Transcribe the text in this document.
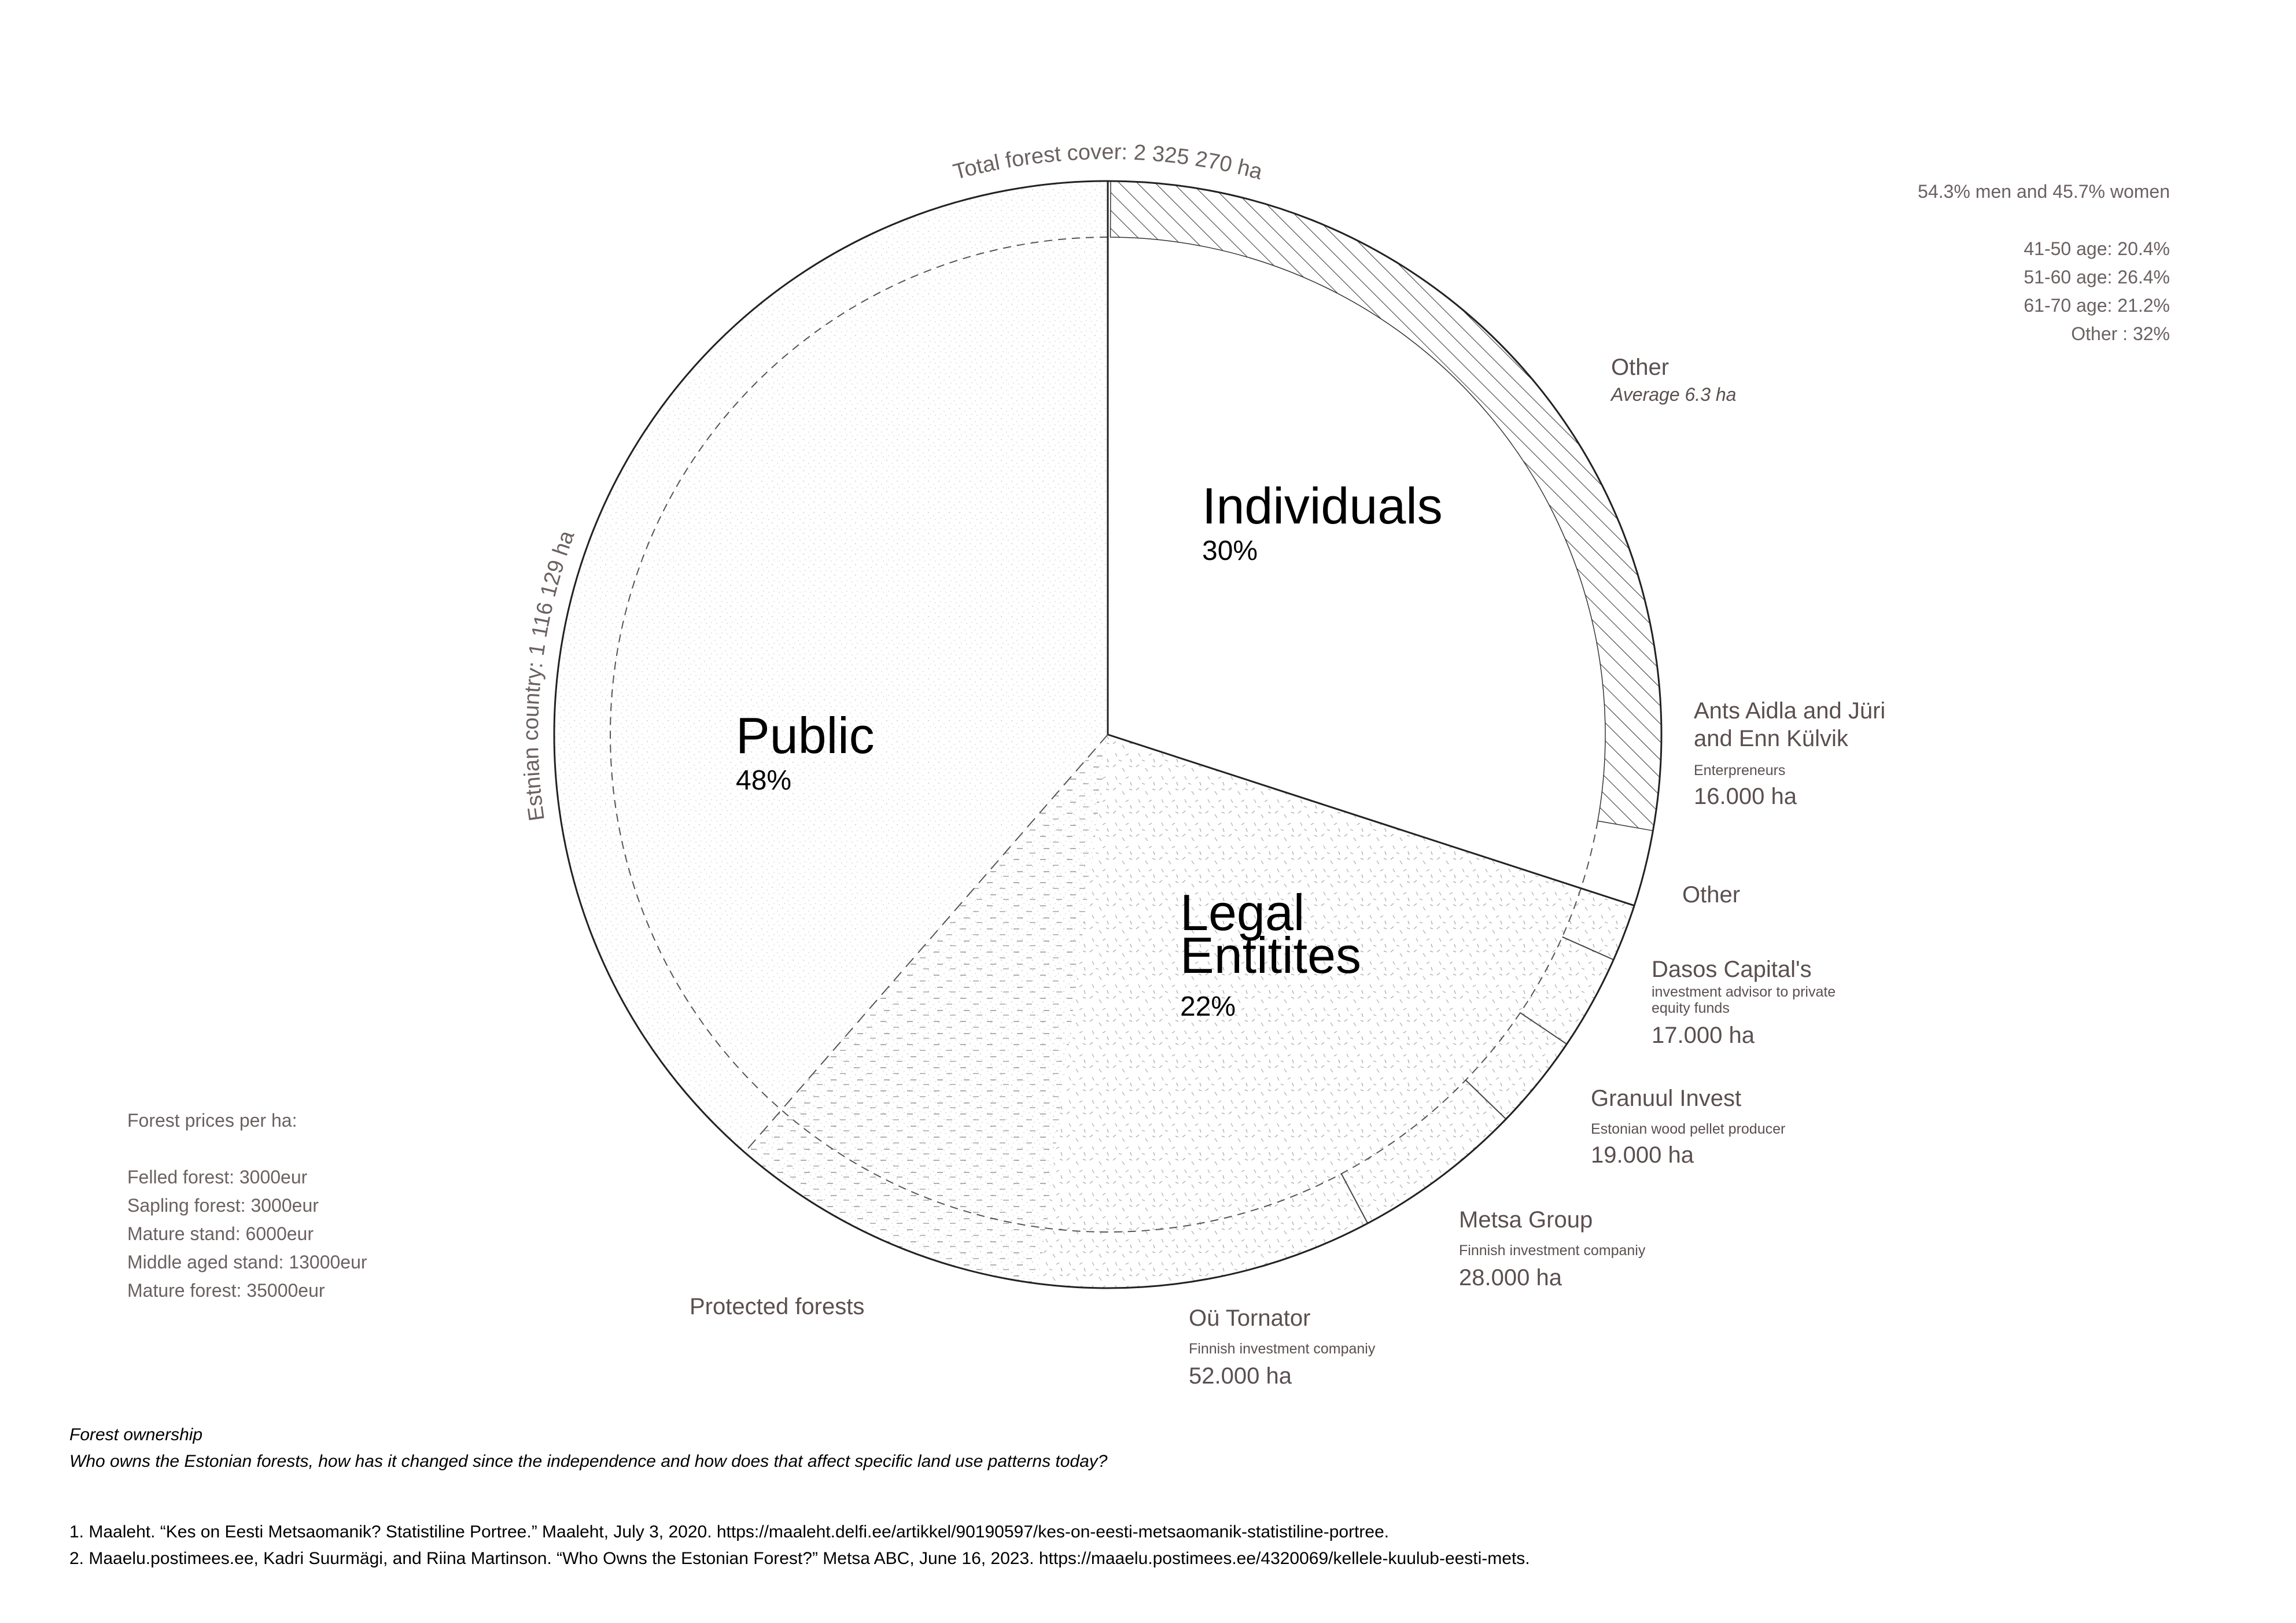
Total forest cover: 2 325 270 ha
Estnian country: 1 116 129 ha
Individuals
30%
Public
48%
Legal
Entitites
22%
Other
Average 6.3 ha
Ants Aidla and Jüri
and Enn Külvik
Enterpreneurs
16.000 ha
Other
Dasos Capital's
investment advisor to private
equity funds
17.000 ha
Granuul Invest
Estonian wood pellet producer
19.000 ha
Metsa Group
Finnish investment companiy
28.000 ha
Oü Tornator
Finnish investment companiy
52.000 ha
Protected forests
54.3% men and 45.7% women
41-50 age: 20.4%
51-60 age: 26.4%
61-70 age: 21.2%
Other : 32%
Forest prices per ha:
Felled forest: 3000eur
Sapling forest: 3000eur
Mature stand: 6000eur
Middle aged stand: 13000eur
Mature forest: 35000eur
Forest ownership
Who owns the Estonian forests, how has it changed since the independence and how does that affect specific land use patterns today?
1. Maaleht. “Kes on Eesti Metsaomanik? Statistiline Portree.” Maaleht, July 3, 2020. https://maaleht.delfi.ee/artikkel/90190597/kes-on-eesti-metsaomanik-statistiline-portree.
2. Maaelu.postimees.ee, Kadri Suurmägi, and Riina Martinson. “Who Owns the Estonian Forest?” Metsa ABC, June 16, 2023. https://maaelu.postimees.ee/4320069/kellele-kuulub-eesti-mets.
